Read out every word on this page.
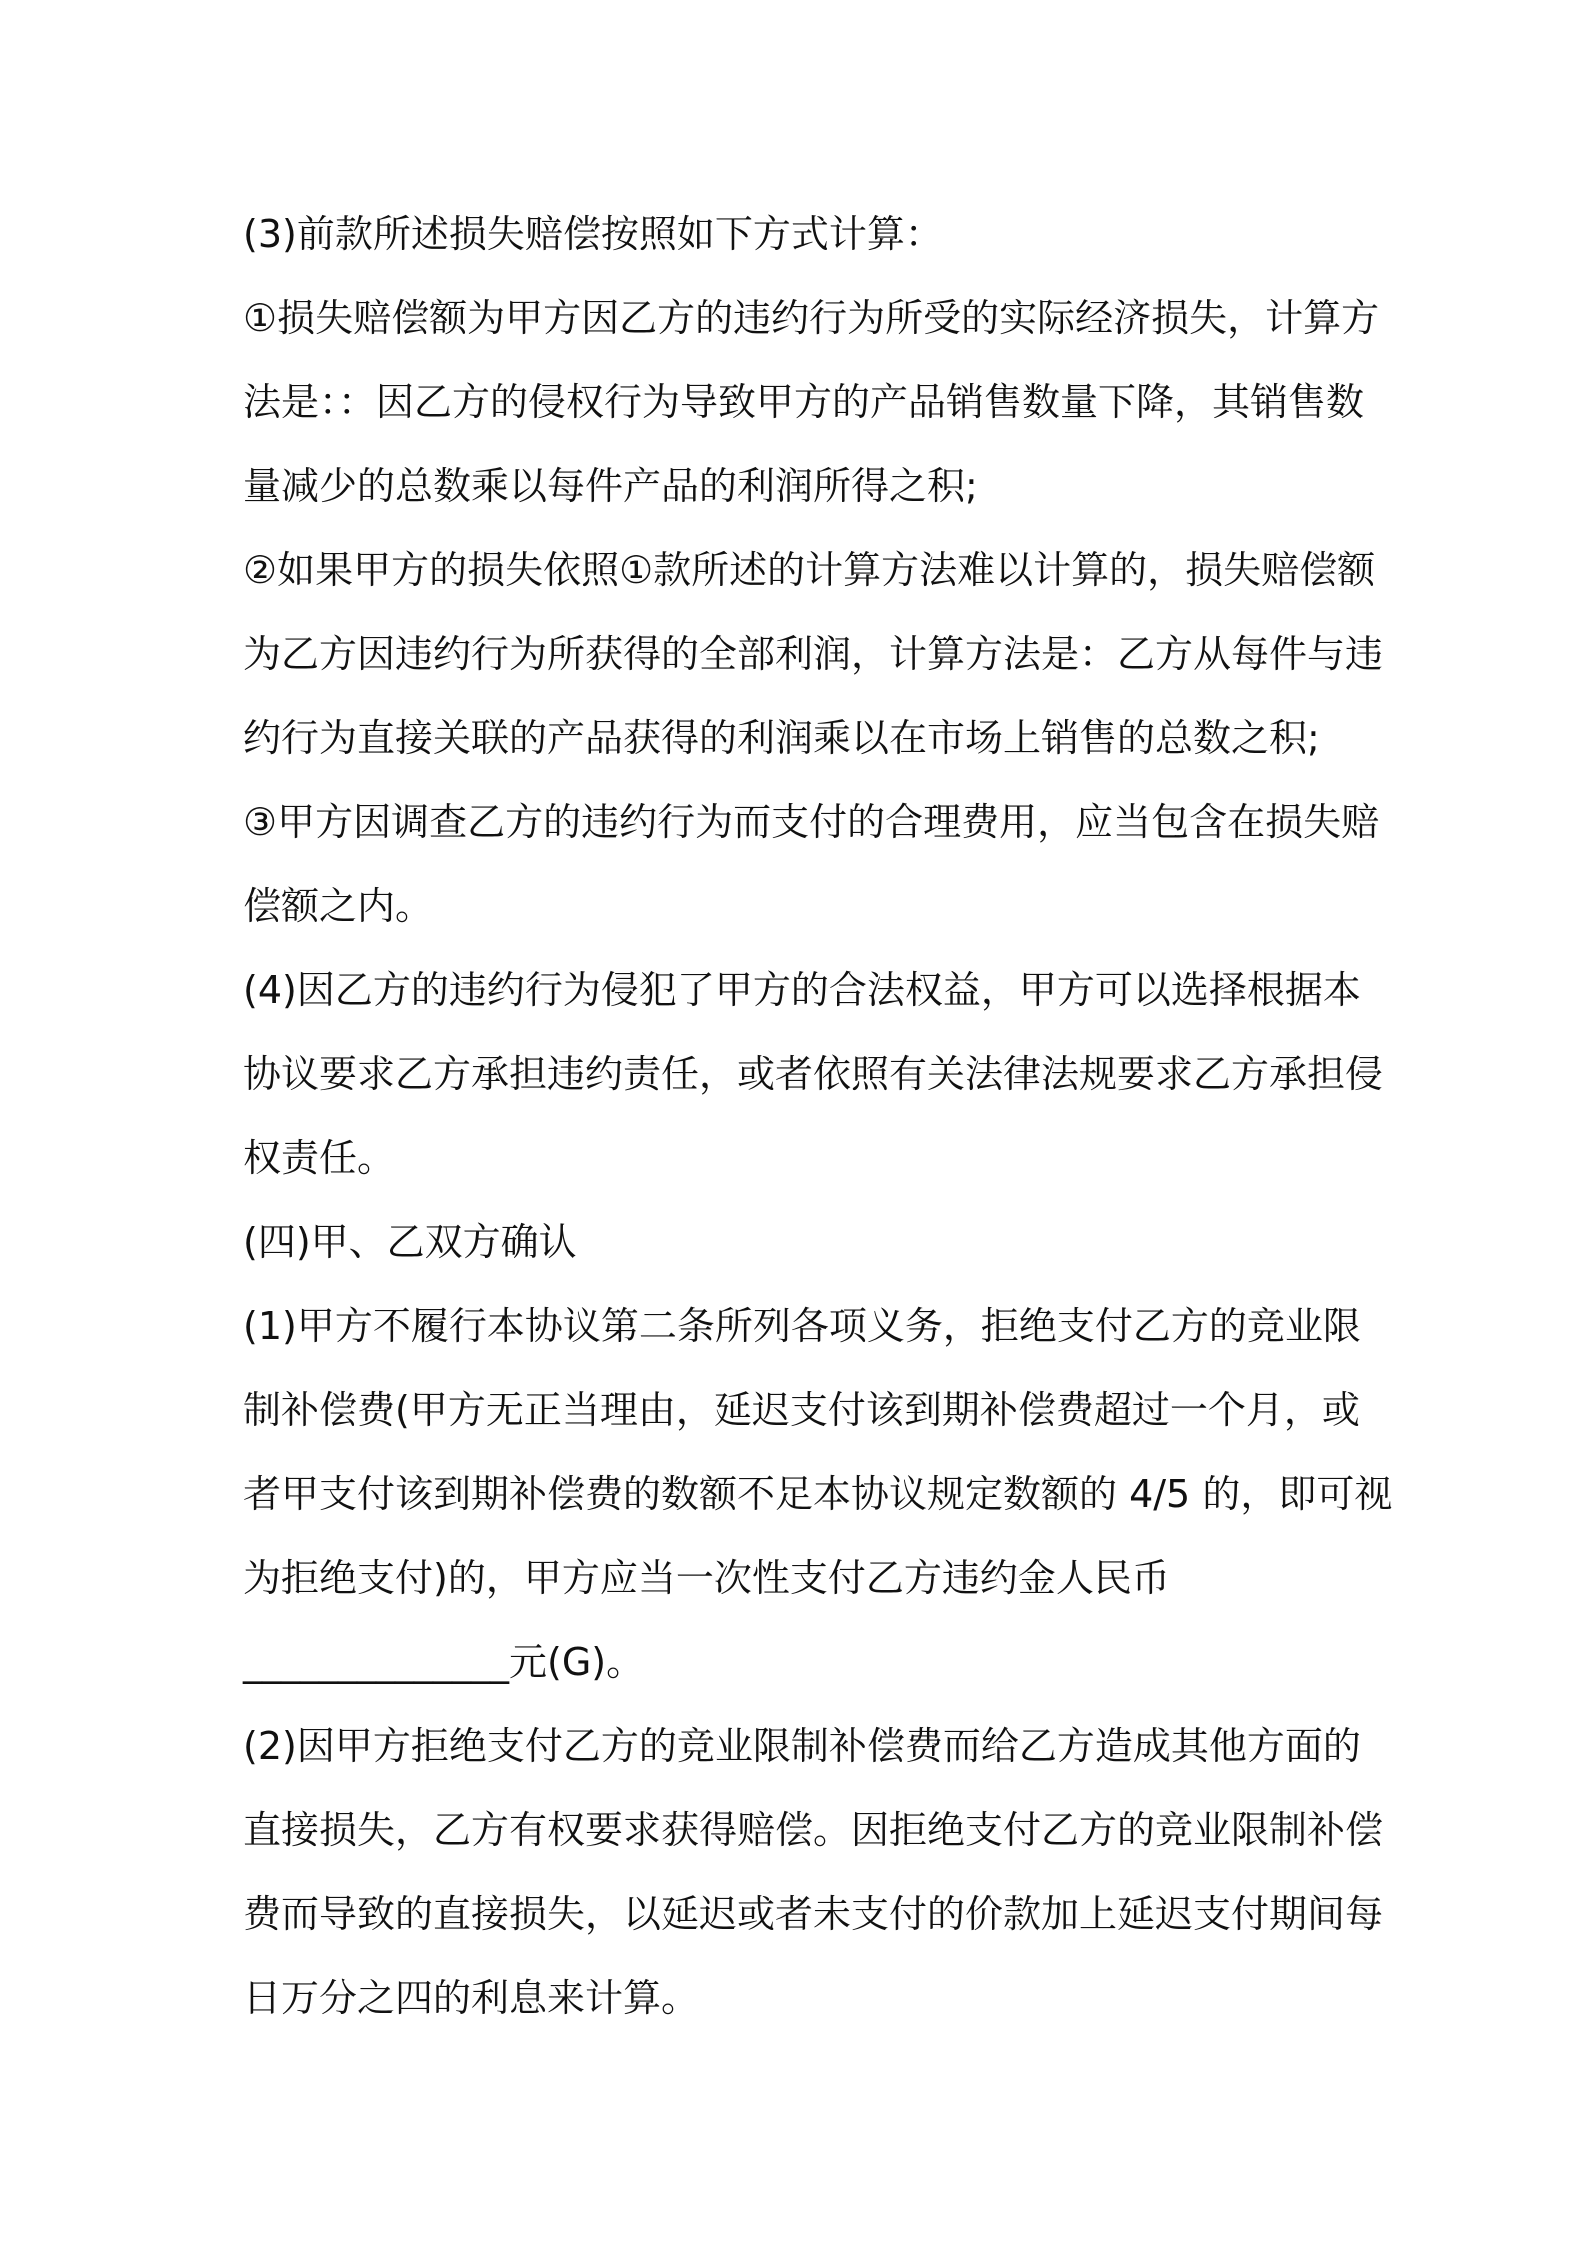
(3)前款所述损失赔偿按照如下方式计算：
①损失赔偿额为甲方因乙方的违约行为所受的实际经济损失，计算方
法是：：因乙方的侵权行为导致甲方的产品销售数量下降，其销售数
量减少的总数乘以每件产品的利润所得之积;
②如果甲方的损失依照①款所述的计算方法难以计算的，损失赔偿额
为乙方因违约行为所获得的全部利润，计算方法是：乙方从每件与违
约行为直接关联的产品获得的利润乘以在市场上销售的总数之积;
③甲方因调查乙方的违约行为而支付的合理费用，应当包含在损失赔
偿额之内。
(4)因乙方的违约行为侵犯了甲方的合法权益，甲方可以选择根据本
协议要求乙方承担违约责任，或者依照有关法律法规要求乙方承担侵
权责任。
(四)甲、乙双方确认
(1)甲方不履行本协议第二条所列各项义务，拒绝支付乙方的竞业限
制补偿费(甲方无正当理由，延迟支付该到期补偿费超过一个月，或
者甲支付该到期补偿费的数额不足本协议规定数额的 4/5 的，即可视
为拒绝支付)的，甲方应当一次性支付乙方违约金人民币
______________元(G)。
(2)因甲方拒绝支付乙方的竞业限制补偿费而给乙方造成其他方面的
直接损失，乙方有权要求获得赔偿。因拒绝支付乙方的竞业限制补偿
费而导致的直接损失，以延迟或者未支付的价款加上延迟支付期间每
日万分之四的利息来计算。
